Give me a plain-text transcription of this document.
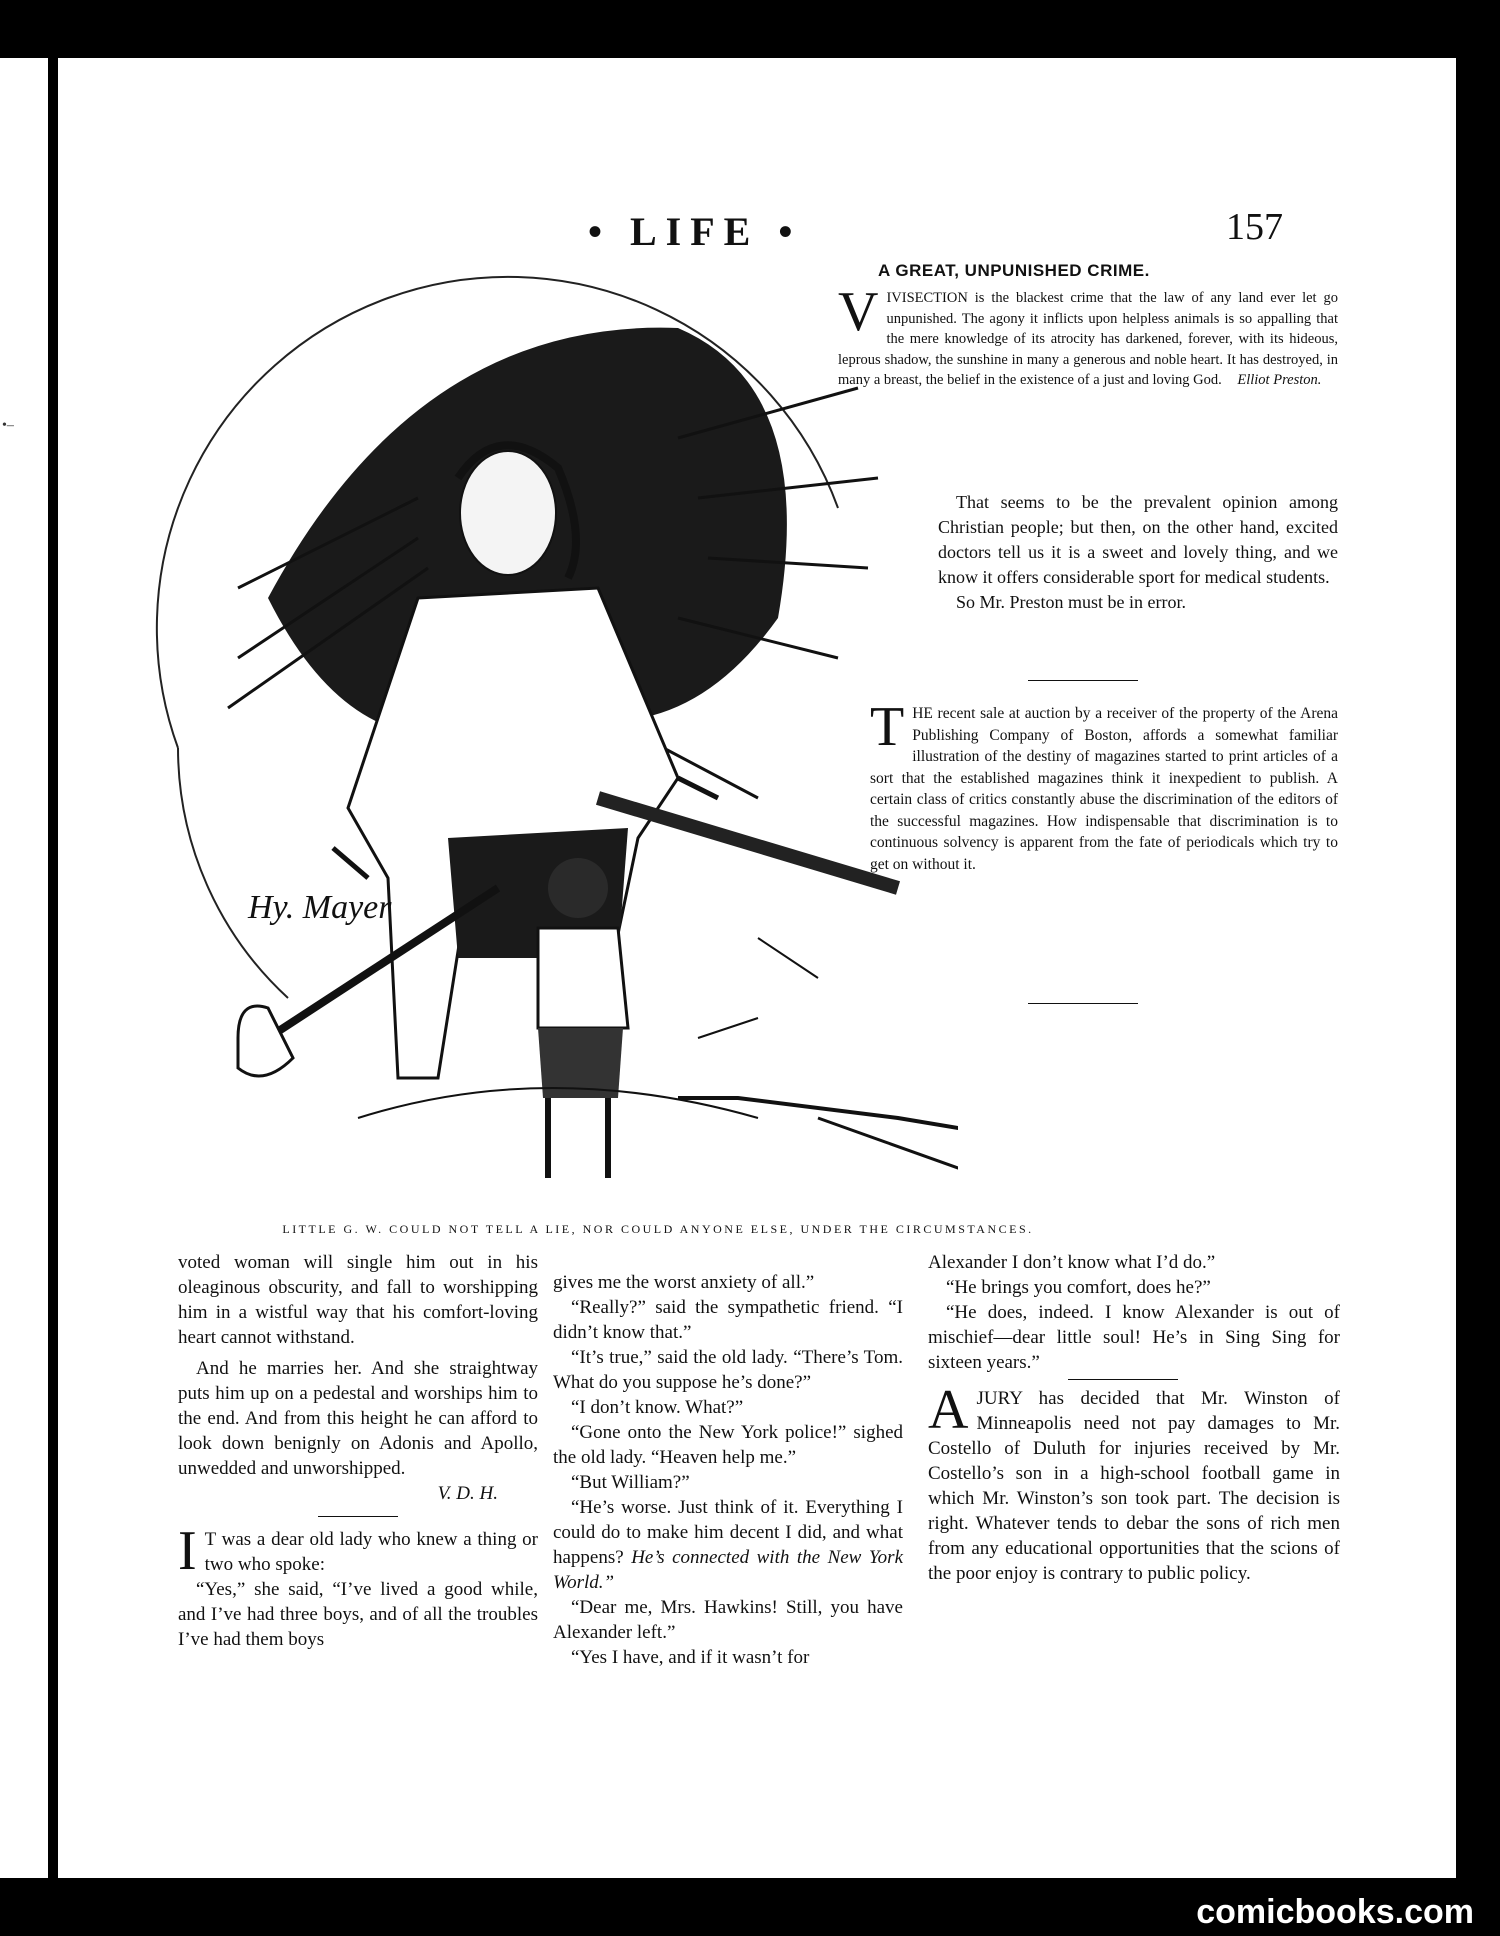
•–
• LIFE •	157
Hy. Mayer
A GREAT, UNPUNISHED CRIME.
V IVISECTION is the blackest crime that the law of any land ever let go unpunished. The agony it inflicts upon helpless animals is so appalling that the mere knowledge of its atrocity has darkened, forever, with its hideous, leprous shadow, the sunshine in many a generous and noble heart. It has destroyed, in many a breast, the belief in the existence of a just and loving God. Elliot Preston.

That seems to be the prevalent opinion among Christian people; but then, on the other hand, excited doctors tell us it is a sweet and lovely thing, and we know it offers considerable sport for medical students.

So Mr. Preston must be in error.

T HE recent sale at auction by a receiver of the property of the Arena Publishing Company of Boston, affords a somewhat familiar illustration of the destiny of magazines started to print articles of a sort that the established magazines think it inexpedient to publish. A certain class of critics constantly abuse the discrimination of the editors of the successful magazines. How indispensable that discrimination is to continuous solvency is apparent from the fate of periodicals which try to get on without it.
LITTLE G. W. COULD NOT TELL A LIE, NOR COULD ANYONE ELSE, UNDER THE CIRCUMSTANCES.

voted woman will single him out in his oleaginous obscurity, and fall to worshipping him in a wistful way that his comfort-loving heart cannot withstand.

And he marries her. And she straightway puts him up on a pedestal and worships him to the end. And from this height he can afford to look down benignly on Adonis and Apollo, unwedded and unworshipped.

V. D. H.

I T was a dear old lady who knew a thing or two who spoke:

“Yes,” she said, “I’ve lived a good while, and I’ve had three boys, and of all the troubles I’ve had them boys

gives me the worst anxiety of all.”

“Really?” said the sympathetic friend. “I didn’t know that.”

“It’s true,” said the old lady. “There’s Tom. What do you suppose he’s done?”

“I don’t know. What?”

“Gone onto the New York police!” sighed the old lady. “Heaven help me.”

“But William?”

“He’s worse. Just think of it. Everything I could do to make him decent I did, and what happens? He’s connected with the New York World.”

“Dear me, Mrs. Hawkins! Still, you have Alexander left.”

“Yes I have, and if it wasn’t for

Alexander I don’t know what I’d do.”

“He brings you comfort, does he?”

“He does, indeed. I know Alexander is out of mischief—dear little soul! He’s in Sing Sing for sixteen years.”

AJURY has decided that Mr. Winston of Minneapolis need not pay damages to Mr. Costello of Duluth for injuries received by Mr. Costello’s son in a high-school football game in which Mr. Winston’s son took part. The decision is right. Whatever tends to debar the sons of rich men from any educational opportunities that the scions of the poor enjoy is contrary to public policy.

comicbooks.com
